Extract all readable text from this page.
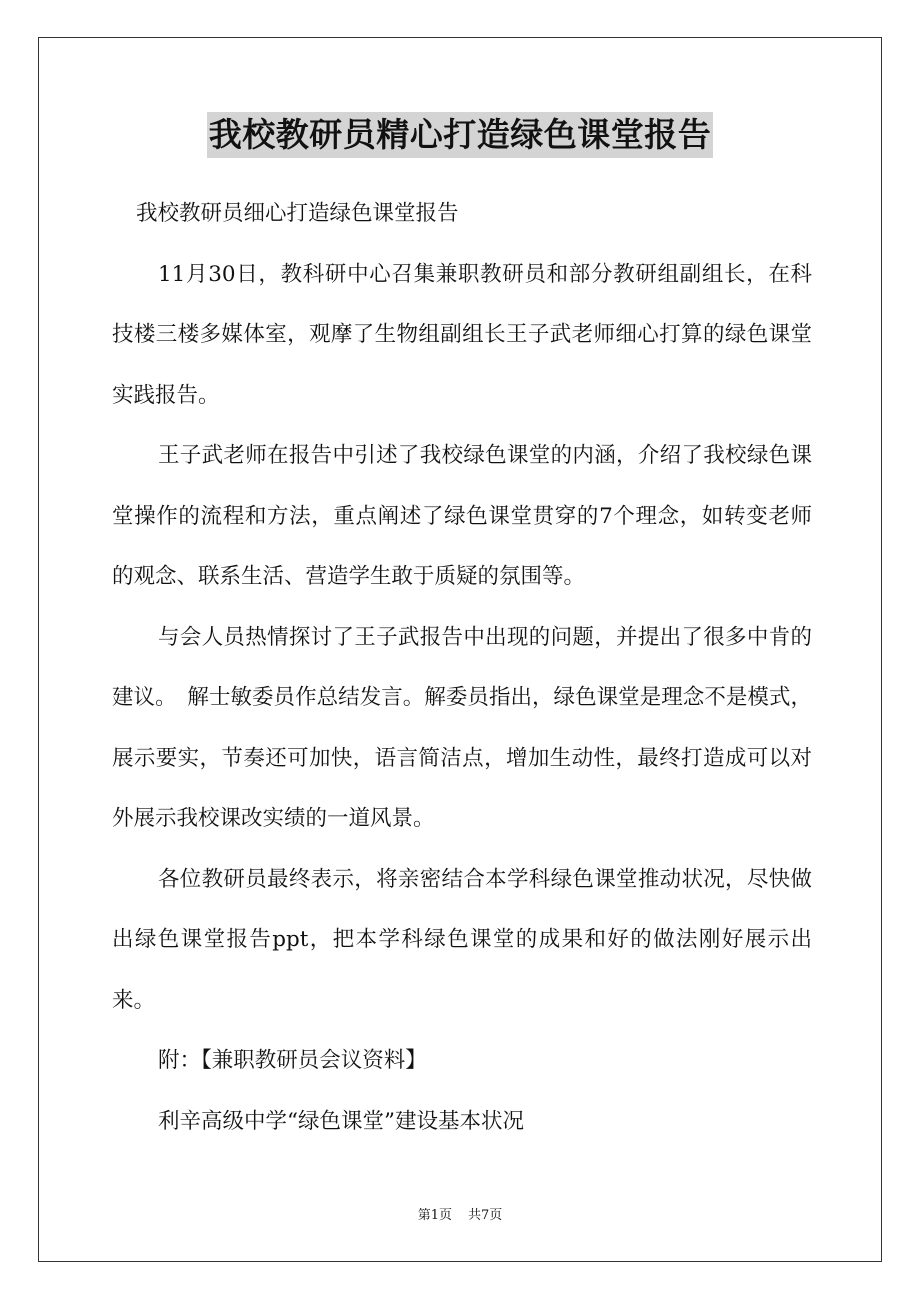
我校教研员精心打造绿色课堂报告

我校教研员细心打造绿色课堂报告

11月30日，教科研中心召集兼职教研员和部分教研组副组长，在科技楼三楼多媒体室，观摩了生物组副组长王子武老师细心打算的绿色课堂实践报告。

王子武老师在报告中引述了我校绿色课堂的内涵，介绍了我校绿色课堂操作的流程和方法，重点阐述了绿色课堂贯穿的7个理念，如转变老师的观念、联系生活、营造学生敢于质疑的氛围等。

与会人员热情探讨了王子武报告中出现的问题，并提出了很多中肯的建议。　解士敏委员作总结发言。解委员指出，绿色课堂是理念不是模式，展示要实，节奏还可加快，语言简洁点，增加生动性，最终打造成可以对外展示我校课改实绩的一道风景。

各位教研员最终表示，将亲密结合本学科绿色课堂推动状况，尽快做出绿色课堂报告ppt，把本学科绿色课堂的成果和好的做法刚好展示出来。

附：【兼职教研员会议资料】

利辛高级中学“绿色课堂”建设基本状况

第1页 共7页
